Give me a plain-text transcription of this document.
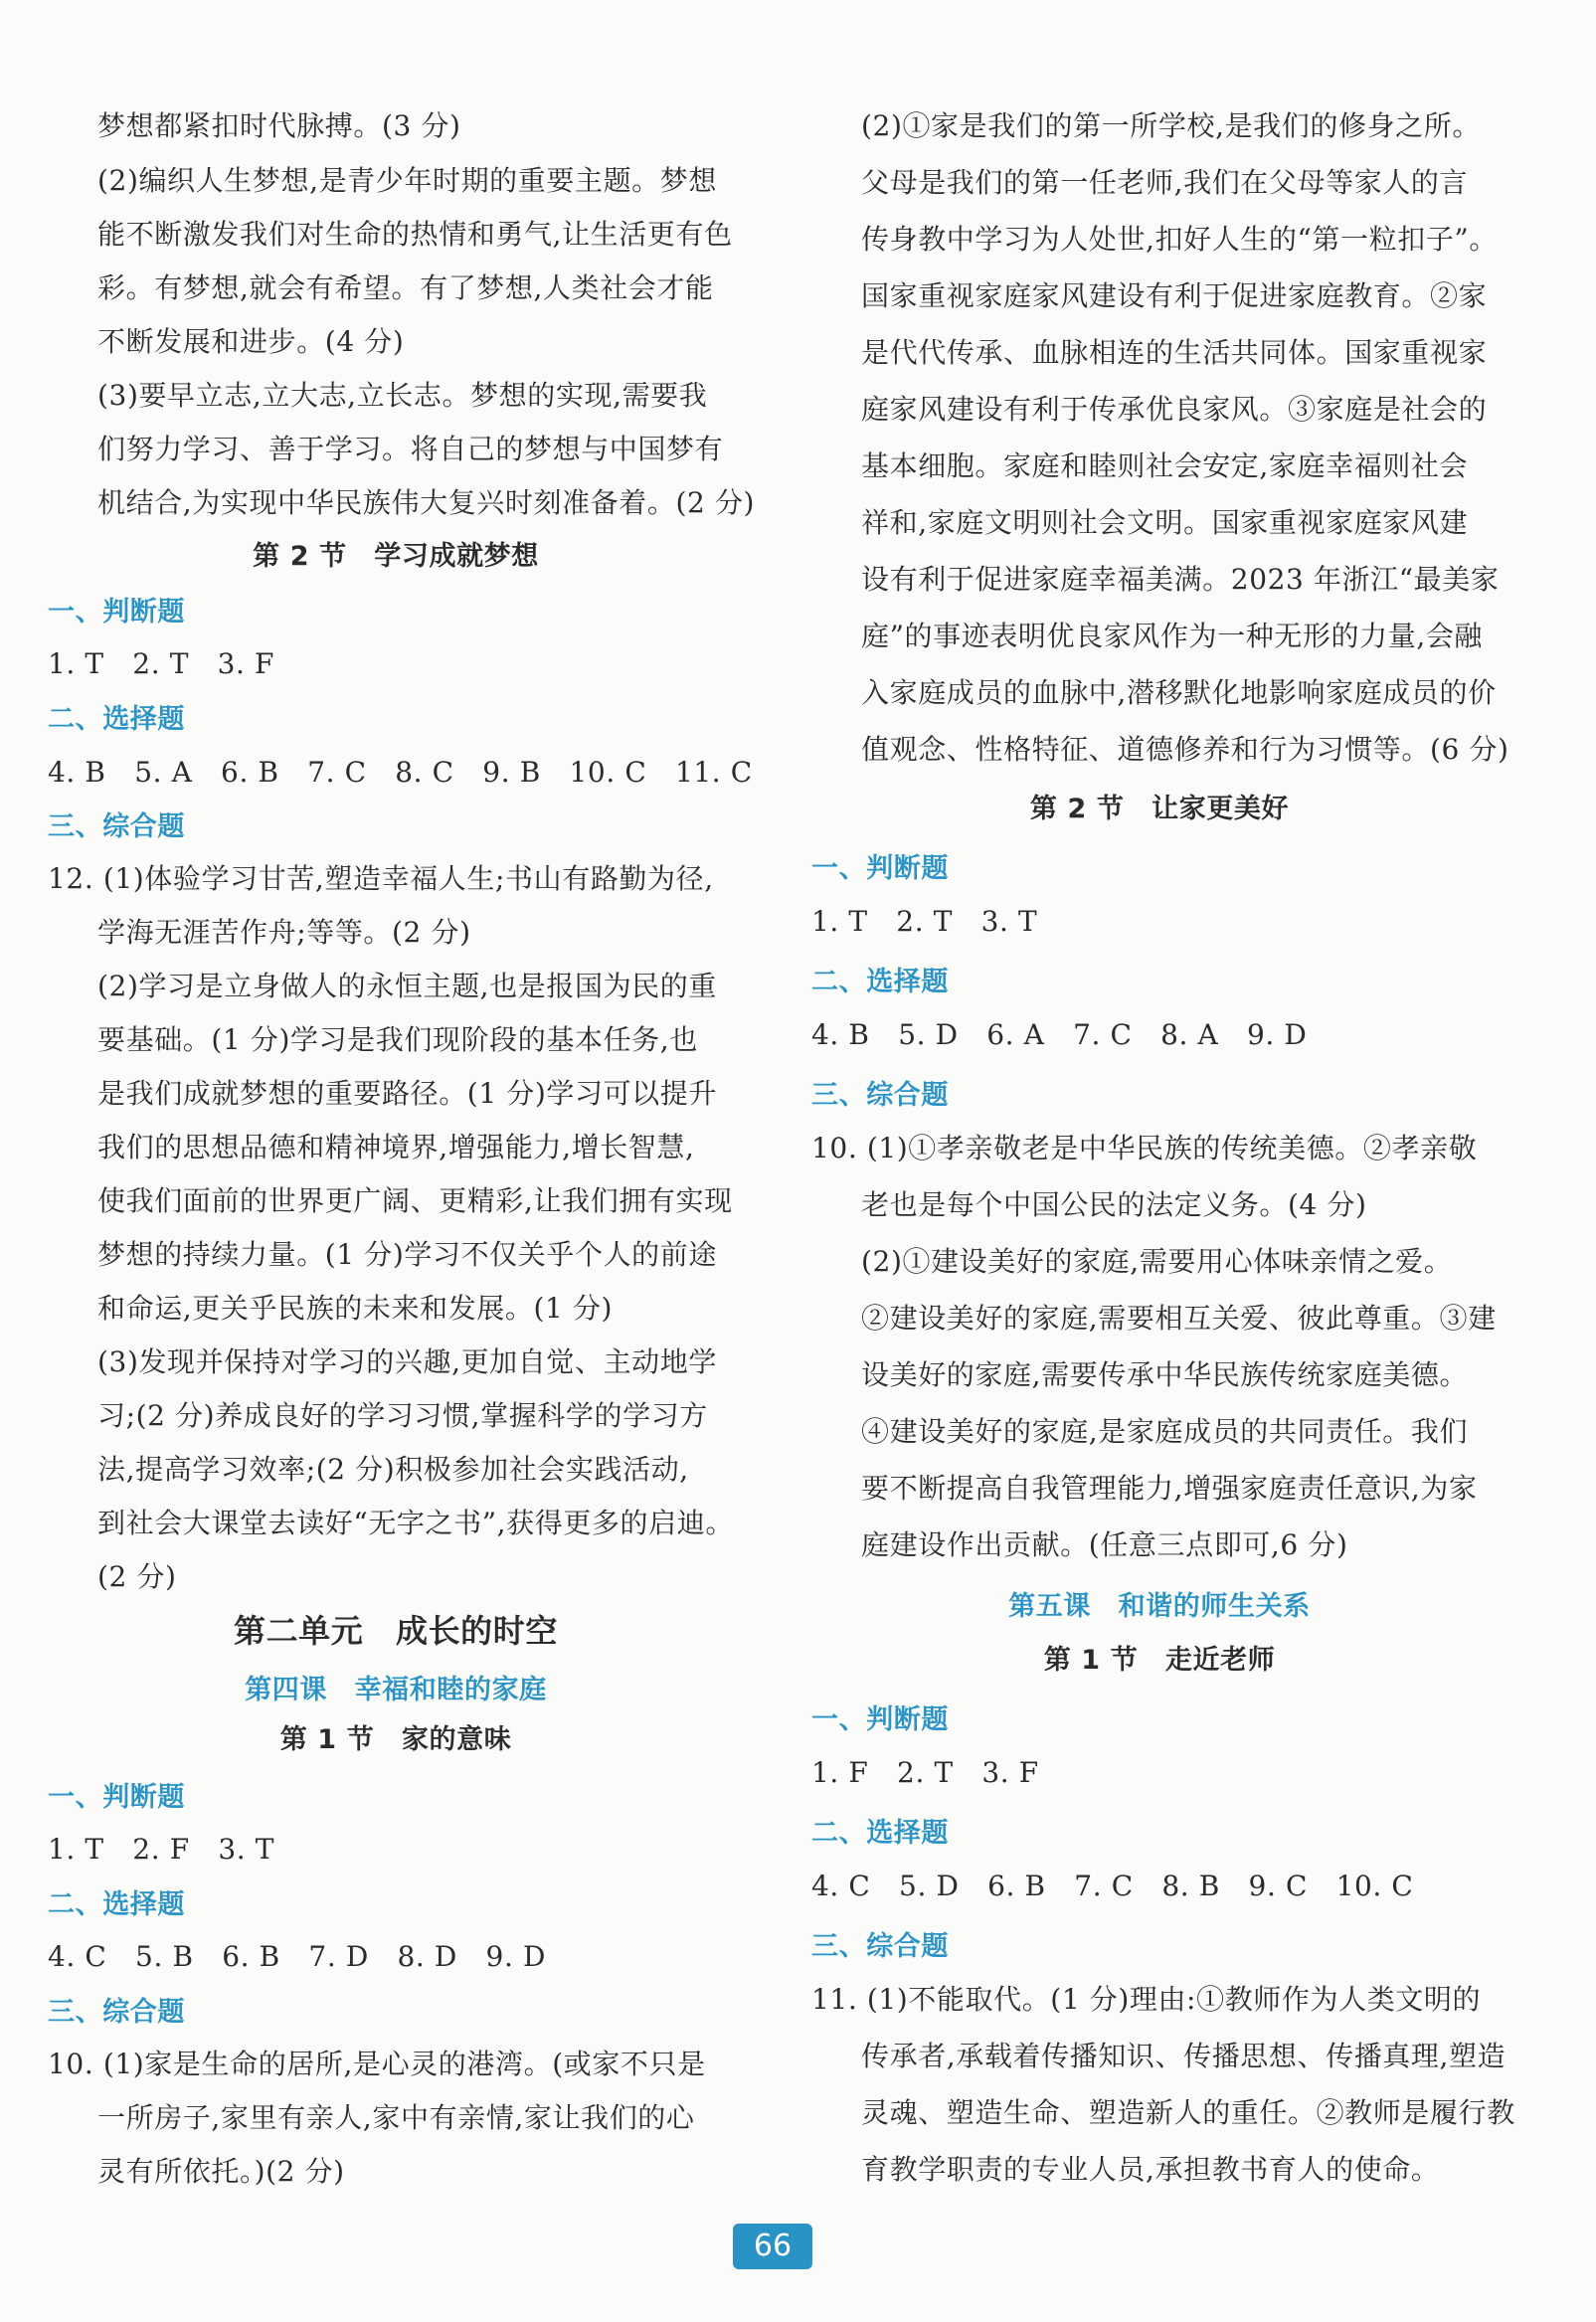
梦想都紧扣时代脉搏。(3 分)
(2)编织人生梦想,是青少年时期的重要主题。梦想
能不断激发我们对生命的热情和勇气,让生活更有色
彩。有梦想,就会有希望。有了梦想,人类社会才能
不断发展和进步。(4 分)
(3)要早立志,立大志,立长志。梦想的实现,需要我
们努力学习、善于学习。将自己的梦想与中国梦有
机结合,为实现中华民族伟大复兴时刻准备着。(2 分)
第 2 节　学习成就梦想
一、判断题
1. T　2. T　3. F
二、选择题
4. B　5. A　6. B　7. C　8. C　9. B　10. C　11. C
三、综合题
12. (1)体验学习甘苦,塑造幸福人生;书山有路勤为径,
学海无涯苦作舟;等等。(2 分)
(2)学习是立身做人的永恒主题,也是报国为民的重
要基础。(1 分)学习是我们现阶段的基本任务,也
是我们成就梦想的重要路径。(1 分)学习可以提升
我们的思想品德和精神境界,增强能力,增长智慧,
使我们面前的世界更广阔、更精彩,让我们拥有实现
梦想的持续力量。(1 分)学习不仅关乎个人的前途
和命运,更关乎民族的未来和发展。(1 分)
(3)发现并保持对学习的兴趣,更加自觉、主动地学
习;(2 分)养成良好的学习习惯,掌握科学的学习方
法,提高学习效率;(2 分)积极参加社会实践活动,
到社会大课堂去读好“无字之书”,获得更多的启迪。
(2 分)
第二单元　成长的时空
第四课　幸福和睦的家庭
第 1 节　家的意味
一、判断题
1. T　2. F　3. T
二、选择题
4. C　5. B　6. B　7. D　8. D　9. D
三、综合题
10. (1)家是生命的居所,是心灵的港湾。(或家不只是
一所房子,家里有亲人,家中有亲情,家让我们的心
灵有所依托。)(2 分)
(2)①家是我们的第一所学校,是我们的修身之所。
父母是我们的第一任老师,我们在父母等家人的言
传身教中学习为人处世,扣好人生的“第一粒扣子”。
国家重视家庭家风建设有利于促进家庭教育。②家
是代代传承、血脉相连的生活共同体。国家重视家
庭家风建设有利于传承优良家风。③家庭是社会的
基本细胞。家庭和睦则社会安定,家庭幸福则社会
祥和,家庭文明则社会文明。国家重视家庭家风建
设有利于促进家庭幸福美满。2023 年浙江“最美家
庭”的事迹表明优良家风作为一种无形的力量,会融
入家庭成员的血脉中,潜移默化地影响家庭成员的价
值观念、性格特征、道德修养和行为习惯等。(6 分)
第 2 节　让家更美好
一、判断题
1. T　2. T　3. T
二、选择题
4. B　5. D　6. A　7. C　8. A　9. D
三、综合题
10. (1)①孝亲敬老是中华民族的传统美德。②孝亲敬
老也是每个中国公民的法定义务。(4 分)
(2)①建设美好的家庭,需要用心体味亲情之爱。
②建设美好的家庭,需要相互关爱、彼此尊重。③建
设美好的家庭,需要传承中华民族传统家庭美德。
④建设美好的家庭,是家庭成员的共同责任。我们
要不断提高自我管理能力,增强家庭责任意识,为家
庭建设作出贡献。(任意三点即可,6 分)
第五课　和谐的师生关系
第 1 节　走近老师
一、判断题
1. F　2. T　3. F
二、选择题
4. C　5. D　6. B　7. C　8. B　9. C　10. C
三、综合题
11. (1)不能取代。(1 分)理由:①教师作为人类文明的
传承者,承载着传播知识、传播思想、传播真理,塑造
灵魂、塑造生命、塑造新人的重任。②教师是履行教
育教学职责的专业人员,承担教书育人的使命。
66
